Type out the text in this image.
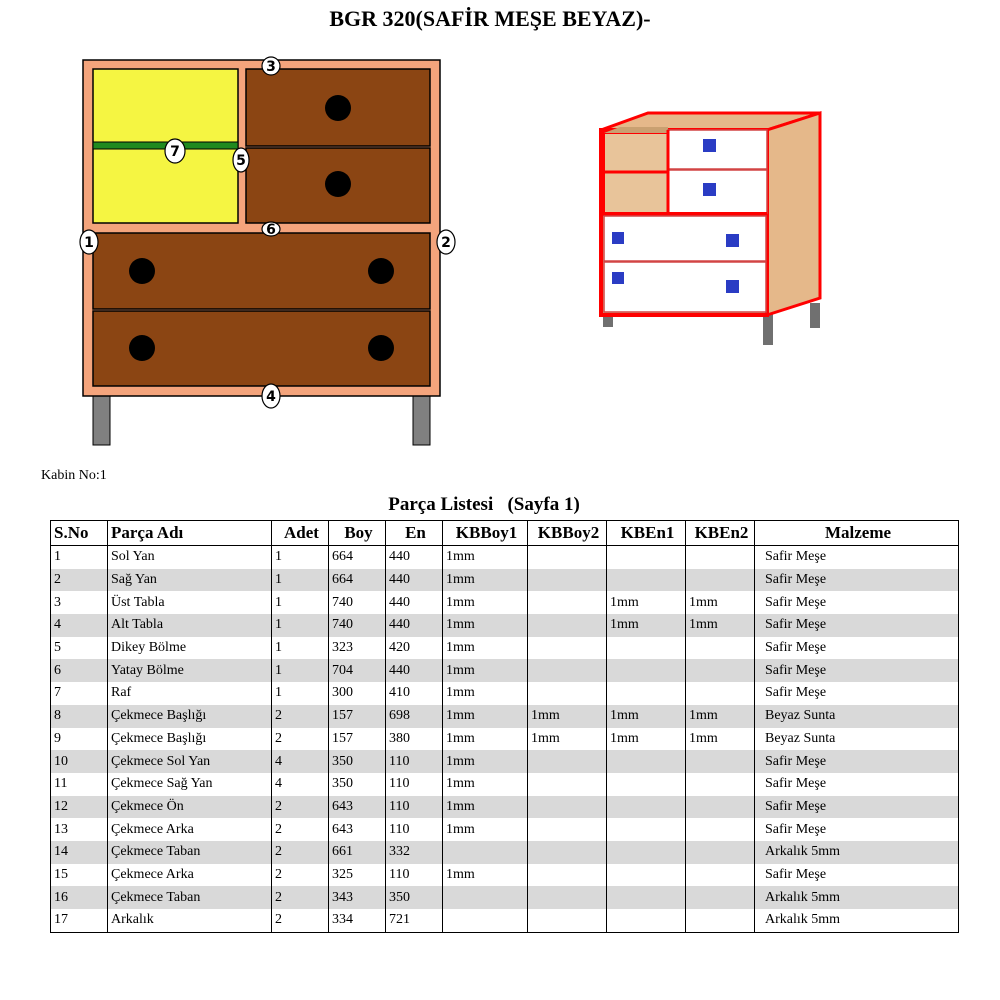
BGR 320(SAFİR MEŞE BEYAZ)-
1	2
3
4
5
6
7
Kabin No:1
Parça Listesi   (Sayfa 1)
S.No	Parça Adı	Adet	Boy	En	KBBoy1	KBBoy2	KBEn1	KBEn2	Malzeme
1	Sol Yan	1	664	440	1mm				Safir Meşe
2	Sağ Yan	1	664	440	1mm				Safir Meşe
3	Üst Tabla	1	740	440	1mm		1mm	1mm	Safir Meşe
4	Alt Tabla	1	740	440	1mm		1mm	1mm	Safir Meşe
5	Dikey Bölme	1	323	420	1mm				Safir Meşe
6	Yatay Bölme	1	704	440	1mm				Safir Meşe
7	Raf	1	300	410	1mm				Safir Meşe
8	Çekmece Başlığı	2	157	698	1mm	1mm	1mm	1mm	Beyaz Sunta
9	Çekmece Başlığı	2	157	380	1mm	1mm	1mm	1mm	Beyaz Sunta
10	Çekmece Sol Yan	4	350	110	1mm				Safir Meşe
11	Çekmece Sağ Yan	4	350	110	1mm				Safir Meşe
12	Çekmece Ön	2	643	110	1mm				Safir Meşe
13	Çekmece Arka	2	643	110	1mm				Safir Meşe
14	Çekmece Taban	2	661	332					Arkalık 5mm
15	Çekmece Arka	2	325	110	1mm				Safir Meşe
16	Çekmece Taban	2	343	350					Arkalık 5mm
17	Arkalık	2	334	721					Arkalık 5mm
